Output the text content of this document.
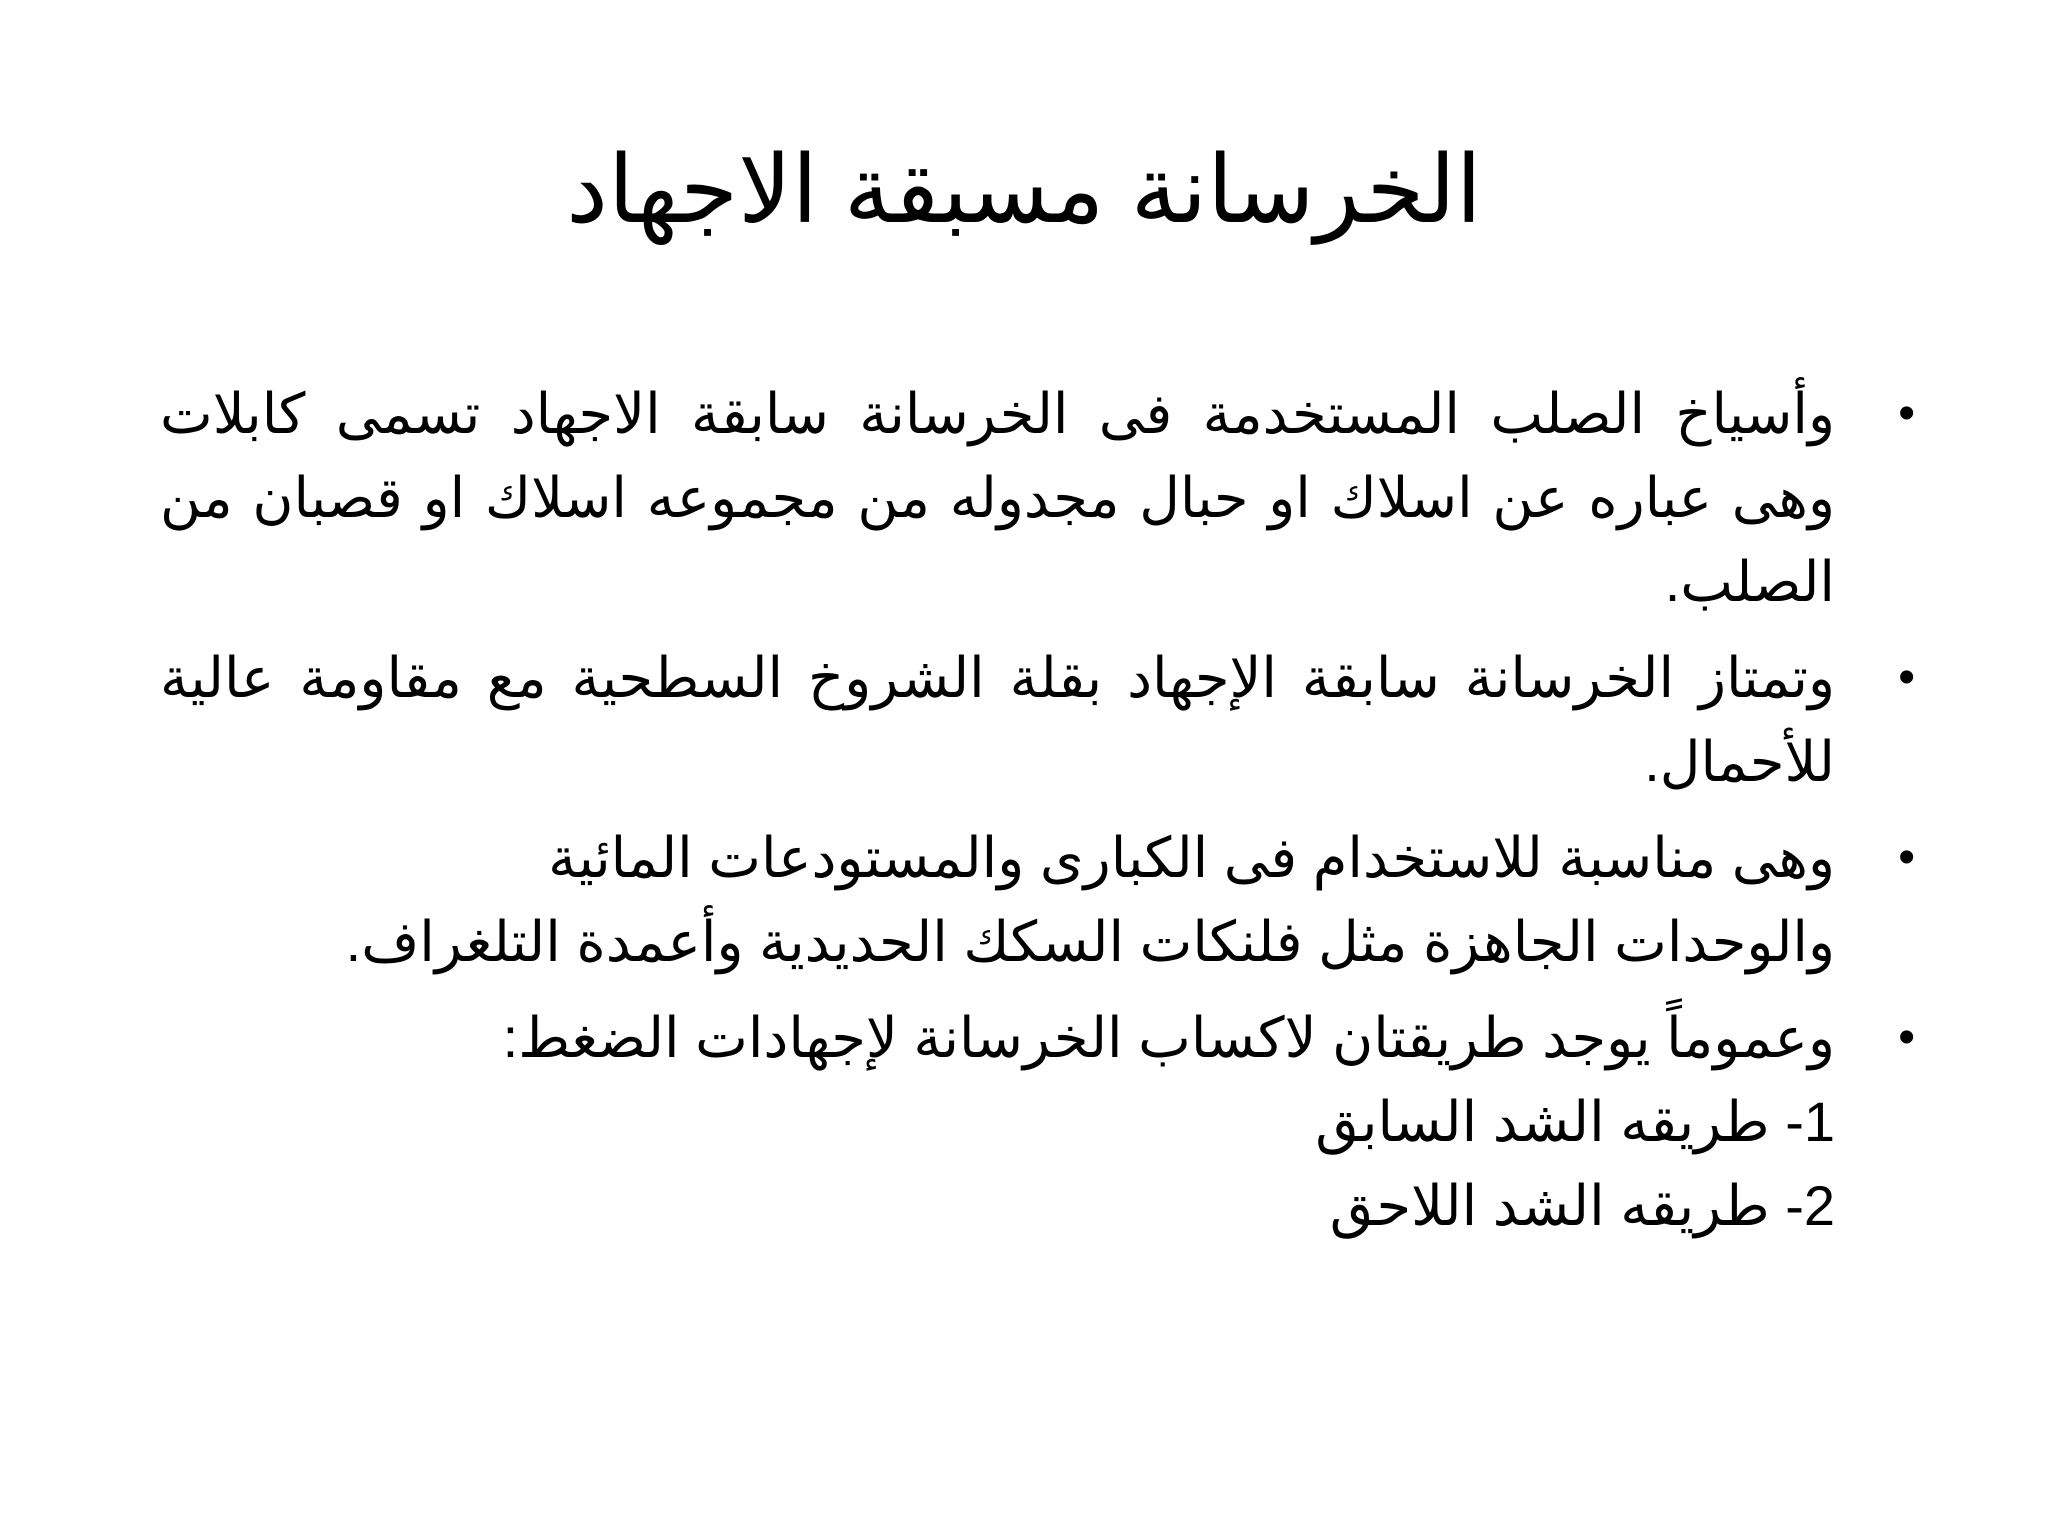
الخرسانة مسبقة الاجهاد
•
وأسياخ الصلب المستخدمة فى الخرسانة سابقة الاجهاد تسمى كابلات وهى عباره عن اسلاك او حبال مجدوله من مجموعه اسلاك او قصبان من الصلب.
•
وتمتاز الخرسانة سابقة الإجهاد بقلة الشروخ السطحية مع مقاومة عالية للأحمال.
•
وهى مناسبة للاستخدام فى الكبارى والمستودعات المائية
والوحدات الجاهزة مثل فلنكات السكك الحديدية وأعمدة التلغراف.
•
وعموماً يوجد طريقتان لاكساب الخرسانة لإجهادات الضغط:
1- طريقه الشد السابق
2- طريقه الشد اللاحق
